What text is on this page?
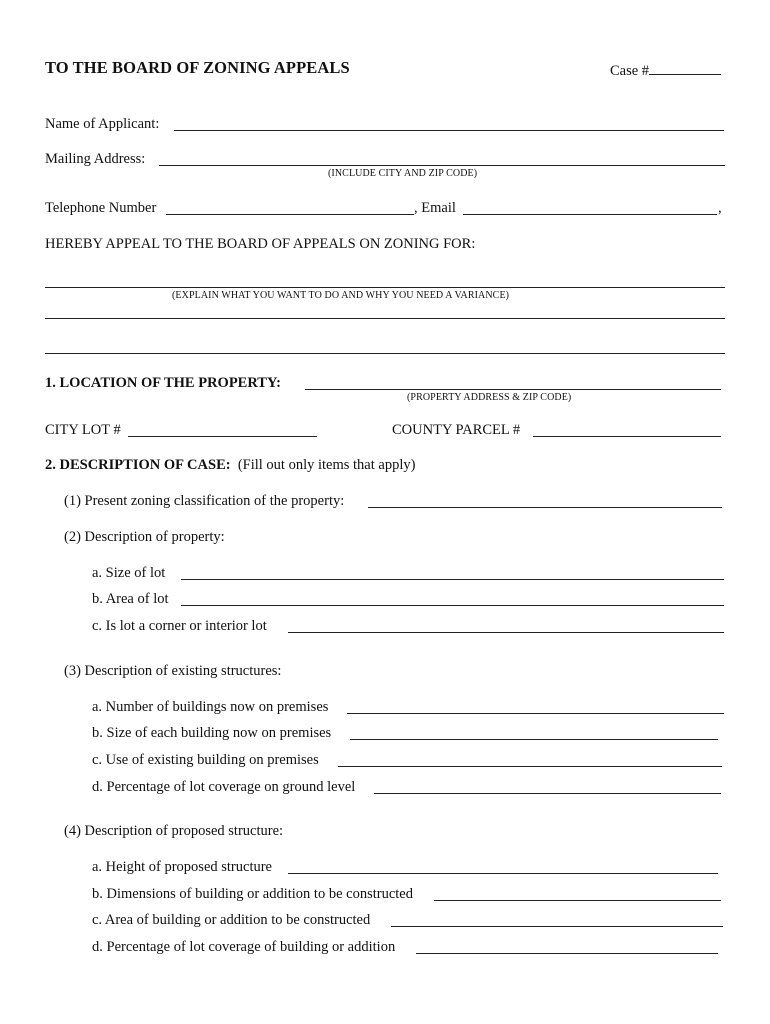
TO THE BOARD OF ZONING APPEALS	Case #
Name of Applicant:
Mailing Address:
(INCLUDE CITY AND ZIP CODE)
Telephone Number	, Email	,
HEREBY APPEAL TO THE BOARD OF APPEALS ON ZONING FOR:
(EXPLAIN WHAT YOU WANT TO DO AND WHY YOU NEED A VARIANCE)
1. LOCATION OF THE PROPERTY:
(PROPERTY ADDRESS & ZIP CODE)
CITY LOT #	COUNTY PARCEL #
2. DESCRIPTION OF CASE: (Fill out only items that apply)
(1) Present zoning classification of the property:
(2) Description of property:
a. Size of lot
b. Area of lot
c. Is lot a corner or interior lot
(3) Description of existing structures:
a. Number of buildings now on premises
b. Size of each building now on premises
c. Use of existing building on premises
d. Percentage of lot coverage on ground level
(4) Description of proposed structure:
a. Height of proposed structure
b. Dimensions of building or addition to be constructed
c. Area of building or addition to be constructed
d. Percentage of lot coverage of building or addition
